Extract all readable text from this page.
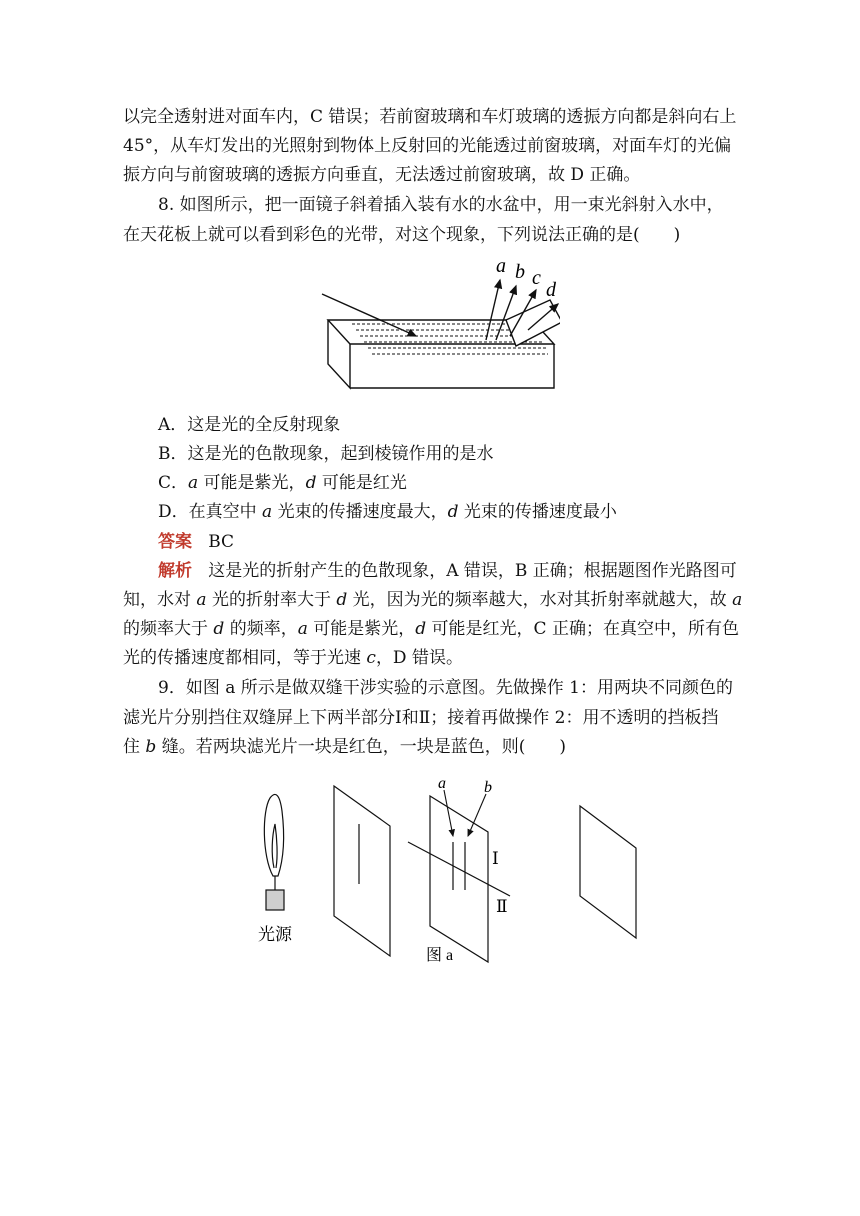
以完全透射进对面车内，C 错误；若前窗玻璃和车灯玻璃的透振方向都是斜向右上
45°，从车灯发出的光照射到物体上反射回的光能透过前窗玻璃，对面车灯的光偏
振方向与前窗玻璃的透振方向垂直，无法透过前窗玻璃，故 D 正确。
8. 如图所示，把一面镜子斜着插入装有水的水盆中，用一束光斜射入水中，
在天花板上就可以看到彩色的光带，对这个现象，下列说法正确的是(　　)
a b c
d
A．这是光的全反射现象
B．这是光的色散现象，起到棱镜作用的是水
C．a 可能是紫光，d 可能是红光
D．在真空中 a 光束的传播速度最大，d 光束的传播速度最小
答案 BC
解析 这是光的折射产生的色散现象，A 错误，B 正确；根据题图作光路图可
知，水对 a 光的折射率大于 d 光，因为光的频率越大，水对其折射率就越大，故 a
的频率大于 d 的频率，a 可能是紫光，d 可能是红光，C 正确；在真空中，所有色
光的传播速度都相同，等于光速 c，D 错误。
9．如图 a 所示是做双缝干涉实验的示意图。先做操作 1：用两块不同颜色的
滤光片分别挡住双缝屏上下两半部分Ⅰ和Ⅱ；接着再做操作 2：用不透明的挡板挡
住 b 缝。若两块滤光片一块是红色，一块是蓝色，则(　　)
光源
a b
Ⅰ
Ⅱ
图 a
